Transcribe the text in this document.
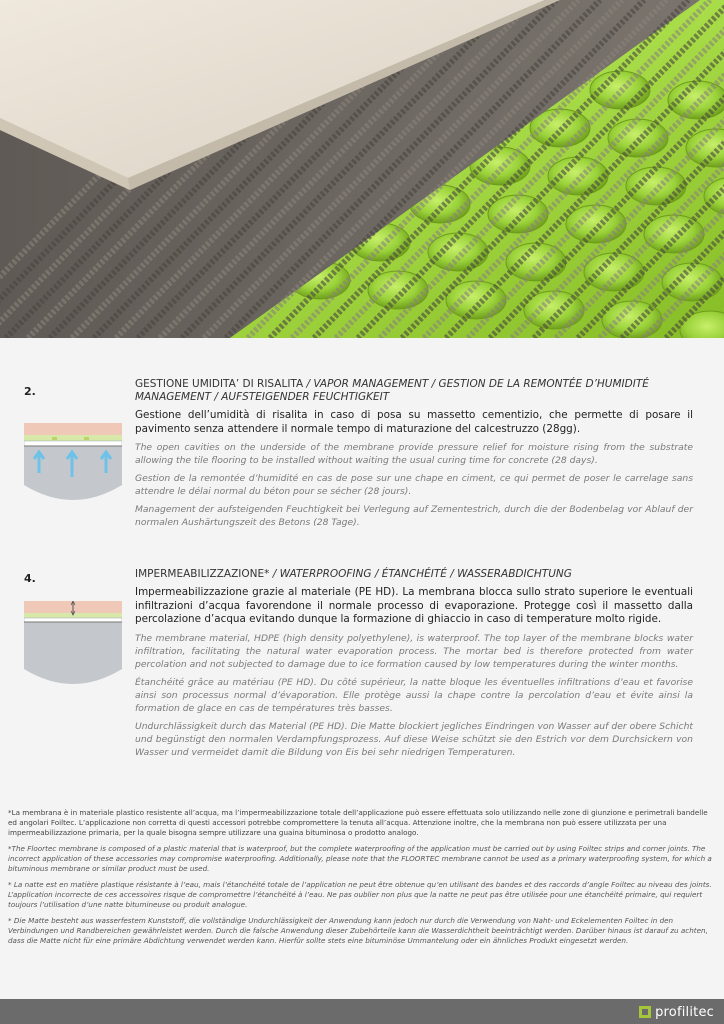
2.
GESTIONE UMIDITA’ DI RISALITA / VAPOR MANAGEMENT / GESTION DE LA REMONTÉE D’HUMIDITÉ MANAGEMENT / AUFSTEIGENDER FEUCHTIGKEIT
Gestione dell’umidità di risalita in caso di posa su massetto cementizio, che permette di posare il pavimento senza attendere il normale tempo di maturazione del calcestruzzo (28gg).
The open cavities on the underside of the membrane provide pressure relief for moisture rising from the substrate allowing the tile flooring to be installed without waiting the usual curing time for concrete (28 days).
Gestion de la remontée d’humidité en cas de pose sur une chape en ciment, ce qui permet de poser le carrelage sans attendre le délai normal du béton pour se sécher (28 jours).
Management der aufsteigenden Feuchtigkeit bei Verlegung auf Zementestrich, durch die der Bodenbelag vor Ablauf der normalen Aushärtungszeit des Betons (28 Tage).
4.	IMPERMEABILIZZAZIONE* / WATERPROOFING / ÉTANCHÉITÉ / WASSERABDICHTUNG
Impermeabilizzazione grazie al materiale (PE HD). La membrana blocca sullo strato superiore le eventuali infiltrazioni d’acqua favorendone il normale processo di evaporazione. Protegge così il massetto dalla percolazione d’acqua evitando dunque la formazione di ghiaccio in caso di temperature molto rigide.
The membrane material, HDPE (high density polyethylene), is waterproof. The top layer of the membrane blocks water infiltration, facilitating the natural water evaporation process. The mortar bed is therefore protected from water percolation and not subjected to damage due to ice formation caused by low temperatures during the winter months.
Étanchéité grâce au matériau (PE HD). Du côté supérieur, la natte bloque les éventuelles infiltrations d’eau et favorise ainsi son processus normal d’évaporation. Elle protège aussi la chape contre la percolation d’eau et évite ainsi la formation de glace en cas de températures très basses.
Undurchlässigkeit durch das Material (PE HD). Die Matte blockiert jegliches Eindringen von Wasser auf der obere Schicht und begünstigt den normalen Verdampfungsprozess. Auf diese Weise schützt sie den Estrich vor dem Durchsickern von Wasser und vermeidet damit die Bildung von Eis bei sehr niedrigen Temperaturen.
*La membrana è in materiale plastico resistente all’acqua, ma l’impermeabilizzazione totale dell’applicazione può essere effettuata solo utilizzando nelle zone di giunzione e perimetrali bandelle ed angolari Foiltec. L’applicazione non corretta di questi accessori potrebbe compromettere la tenuta all’acqua. Attenzione inoltre, che la membrana non può essere utilizzata per una impermeabilizzazione primaria, per la quale bisogna sempre utilizzare una guaina bituminosa o prodotto analogo.
*The Floortec membrane is composed of a plastic material that is waterproof, but the complete waterproofing of the application must be carried out by using Foiltec strips and corner joints. The incorrect application of these accessories may compromise waterproofing. Additionally, please note that the FLOORTEC membrane cannot be used as a primary waterproofing system, for which a bituminous membrane or similar product must be used.
* La natte est en matière plastique résistante à l’eau, mais l’étanchéité totale de l’application ne peut être obtenue qu’en utilisant des bandes et des raccords d’angle Foiltec au niveau des joints. L’application incorrecte de ces accessoires risque de compromettre l’étanchéité à l’eau. Ne pas oublier non plus que la natte ne peut pas être utilisée pour une étanchéité primaire, qui requiert toujours l’utilisation d’une natte bitumineuse ou produit analogue.
* Die Matte besteht aus wasserfestem Kunststoff, die vollständige Undurchlässigkeit der Anwendung kann jedoch nur durch die Verwendung von Naht- und Eckelementen Foiltec in den Verbindungen und Randbereichen gewährleistet werden. Durch die falsche Anwendung dieser Zubehörteile kann die Wasserdichtheit beeinträchtigt werden. Darüber hinaus ist darauf zu achten, dass die Matte nicht für eine primäre Abdichtung verwendet werden kann. Hierfür sollte stets eine bituminöse Ummantelung oder ein ähnliches Produkt eingesetzt werden.
profilitec
